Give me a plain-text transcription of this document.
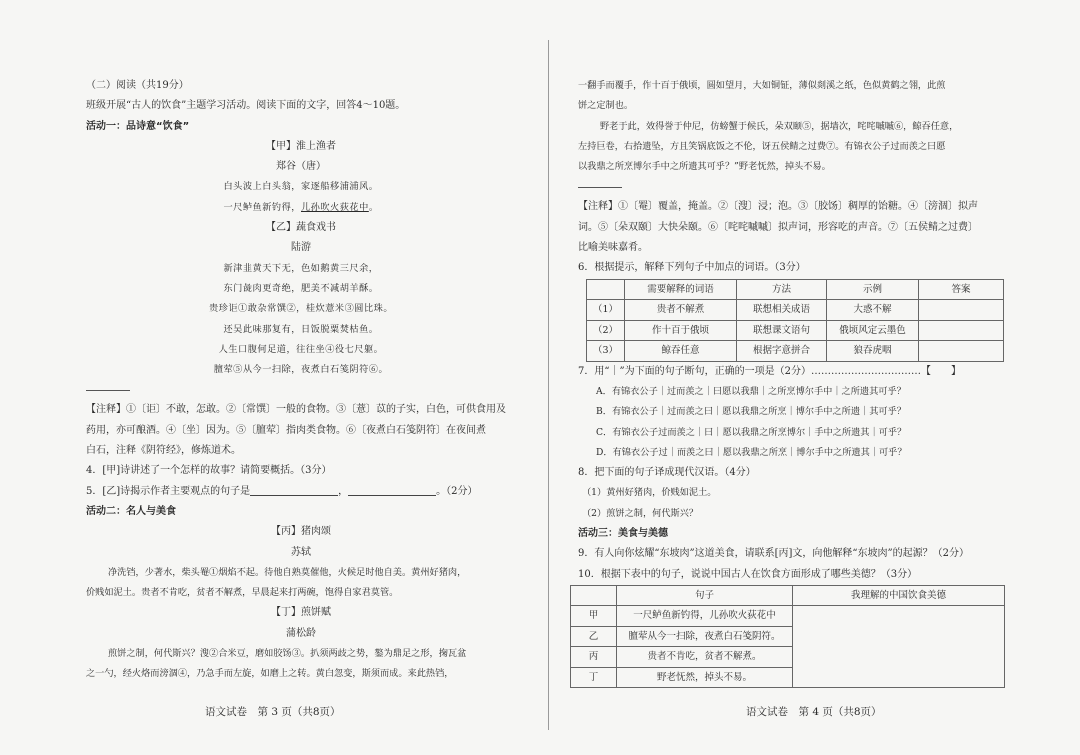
（二）阅读（共19分）
班级开展“古人的饮食”主题学习活动。阅读下面的文字，回答4～10题。
活动一：品诗意“饮食”
【甲】淮上渔者
郑谷（唐）
白头波上白头翁，家逐船移浦浦风。
一尺鲈鱼新钓得，儿孙吹火荻花中。
【乙】蔬食戏书
陆游
新津韭黄天下无，色如鹅黄三尺余，
东门彘肉更奇绝，肥美不减胡羊酥。
贵珍讵①敢杂常馔②，桂炊薏米③圆比珠。
还吴此味那复有，日饭脱粟焚枯鱼。
人生口腹何足道，往往坐④役七尺躯。
膻荤⑤从今一扫除，夜煮白石笺阴符⑥。
【注释】①〔讵〕不敢，怎敢。②〔常馔〕一般的食物。③〔薏〕苡的子实，白色，可供食用及
药用，亦可酿酒。④〔坐〕因为。⑤〔膻荤〕指肉类食物。⑥〔夜煮白石笺阴符〕在夜间煮
白石，注释《阴符经》，修炼道术。
4．[甲]诗讲述了一个怎样的故事？请简要概括。（3分）
5．[乙]诗揭示作者主要观点的句子是	，	。（2分）
活动二：名人与美食
【丙】猪肉颂
苏轼
净洗铛，少著水，柴头罨①烟焰不起。待他自熟莫催他，火候足时他自美。黄州好猪肉，
价贱如泥土。贵者不肯吃，贫者不解煮，早晨起来打两碗，饱得自家君莫管。
【丁】煎饼赋
蒲松龄
煎饼之制，何代斯兴？溲②合米豆，磨如胶饧③。扒须两歧之势，鏊为鼎足之形，掬瓦盆
之一勺，经火烙而滂涸④，乃急手而左旋，如磨上之转。黄白忽变，斯须而成。来此热铛，
语文试卷　第 3 页（共8页）
一翻手而覆手，作十百于俄顷，圆如望月，大如铜钲，薄似剡溪之纸，色似黄鹤之翎，此煎
饼之定制也。
野老于此，效得誉于仲尼，仿螃蟹于候氏，朵双颐⑤，据墙次，咤咤嘁嘁⑥，鲸吞任意，
左持巨卷，右拾遗坠，方且笑锅底饭之不伦，讶五侯鲭之过费⑦。有锦衣公子过而羡之曰愿
以我鼎之所烹博尔手中之所遗其可乎？”野老怃然，掉头不易。
【注释】①〔罨〕覆盖，掩盖。②〔溲〕浸；泡。③〔胶饧〕稠厚的饴糖。④〔滂涸〕拟声
词。⑤〔朵双颐〕大快朵颐。⑥〔咤咤嘁嘁〕拟声词，形容吃的声音。⑦〔五侯鲭之过费〕
比喻美味嘉肴。
6．根据提示，解释下列句子中加点的词语。（3分）
	需要解释的词语	方法	示例	答案
（1）	贵者不解煮	联想相关成语	大惑不解	
（2）	作十百于俄顷	联想课文语句	俄顷风定云墨色	
（3）	鲸吞任意	根据字意拼合	狼吞虎咽	
7．用“｜”为下面的句子断句，正确的一项是（2分）……………………………【　　】
A．有锦衣公子｜过而羡之｜曰愿以我鼎｜之所烹博尔手中｜之所遗其可乎？
B．有锦衣公子｜过而羡之曰｜愿以我鼎之所烹｜博尔手中之所遗｜其可乎？
C．有锦衣公子过而羡之｜曰｜愿以我鼎之所烹博尔｜手中之所遗其｜可乎？
D．有锦衣公子过｜而羡之曰｜愿以我鼎之所烹｜博尔手中之所遗其｜可乎？
8．把下面的句子译成现代汉语。（4分）
（1）黄州好猪肉，价贱如泥土。
（2）煎饼之制，何代斯兴？
活动三：美食与美德
9．有人向你炫耀“东坡肉”这道美食，请联系[丙]文，向他解释“东坡肉”的起源？（2分）
10．根据下表中的句子，说说中国古人在饮食方面形成了哪些美德？（3分）
	句子	我理解的中国饮食美德
甲	一尺鲈鱼新钓得，儿孙吹火荻花中	
乙	膻荤从今一扫除，夜煮白石笺阴符。	
丙	贵者不肯吃，贫者不解煮。	
丁	野老怃然，掉头不易。	
语文试卷　第 4 页（共8页）
